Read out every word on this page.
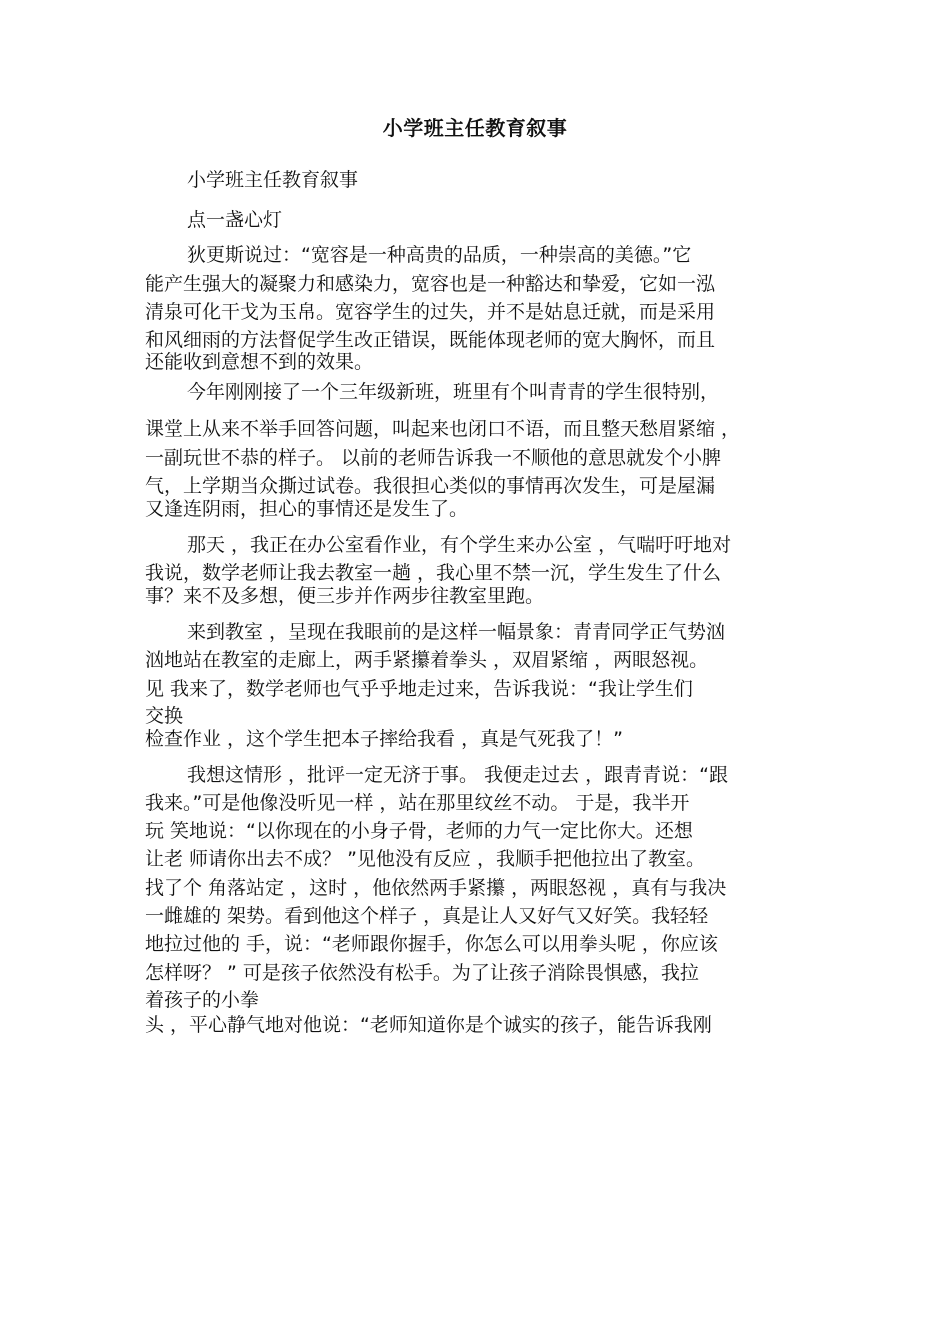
小学班主任教育叙事
小学班主任教育叙事
点一盏心灯
狄更斯说过：“宽容是一种高贵的品质，一种崇高的美德。”它
能产生强大的凝聚力和感染力，宽容也是一种豁达和挚爱，它如一泓
清泉可化干戈为玉帛。宽容学生的过失，并不是姑息迁就，而是采用
和风细雨的方法督促学生改正错误，既能体现老师的宽大胸怀，而且
还能收到意想不到的效果。
今年刚刚接了一个三年级新班，班里有个叫青青的学生很特别，
课堂上从来不举手回答问题，叫起来也闭口不语，而且整天愁眉紧缩 ，
一副玩世不恭的样子。 以前的老师告诉我一不顺他的意思就发个小脾
气，上学期当众撕过试卷。我很担心类似的事情再次发生，可是屋漏
又逢连阴雨，担心的事情还是发生了。
那天 ，我正在办公室看作业，有个学生来办公室 ，气喘吁吁地对
我说，数学老师让我去教室一趟 ，我心里不禁一沉，学生发生了什么
事？来不及多想，便三步并作两步往教室里跑。
来到教室 ，呈现在我眼前的是这样一幅景象：青青同学正气势汹
汹地站在教室的走廊上，两手紧攥着拳头 ，双眉紧缩 ，两眼怒视。
见 我来了，数学老师也气乎乎地走过来，告诉我说：“我让学生们
交换
检查作业 ，这个学生把本子摔给我看 ，真是气死我了！”
我想这情形 ，批评一定无济于事。 我便走过去 ，跟青青说：“跟
我来。”可是他像没听见一样 ，站在那里纹丝不动。 于是，我半开
玩 笑地说：“以你现在的小身子骨，老师的力气一定比你大。还想
让老 师请你出去不成？ ”见他没有反应 ，我顺手把他拉出了教室。
找了个 角落站定 ，这时 ，他依然两手紧攥 ，两眼怒视 ，真有与我决
一雌雄的 架势。看到他这个样子 ，真是让人又好气又好笑。我轻轻
地拉过他的 手，说：“老师跟你握手，你怎么可以用拳头呢 ，你应该
怎样呀？ ” 可是孩子依然没有松手。为了让孩子消除畏惧感，我拉
着孩子的小拳
头 ，平心静气地对他说：“老师知道你是个诚实的孩子，能告诉我刚
